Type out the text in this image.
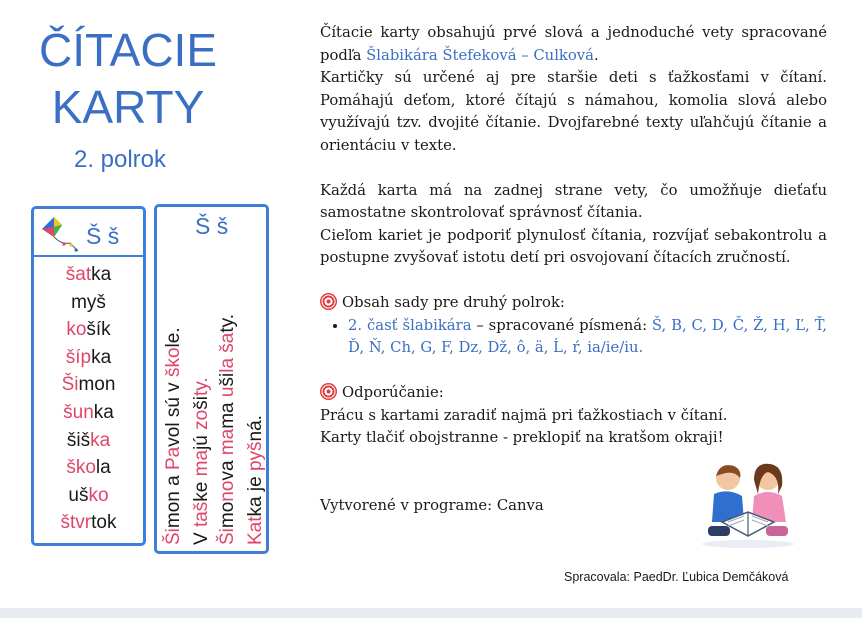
ČÍTACIE
KARTY
2. polrok
Š š
šatka
myš
košík
šípka
Šimon
šunka
šiška
škola
uško
štvrtok
Š š
Šimon a Pavol sú v škole.
V taške majú zošity.
Šimonova mama ušila šaty.
Katka je pyšná.

Čítacie karty obsahujú prvé slová a jednoduché vety spracované podľa Šlabikára Štefeková – Culková.

Kartičky sú určené aj pre staršie deti s ťažkosťami v čítaní. Pomáhajú deťom, ktoré čítajú s námahou, komolia slová alebo využívajú tzv. dvojité čítanie. Dvojfarebné texty uľahčujú čítanie a orientáciu v texte.

Každá karta má na zadnej strane vety, čo umožňuje dieťaťu samostatne skontrolovať správnosť čítania.

Cieľom kariet je podporiť plynulosť čítania, rozvíjať sebakontrolu a postupne zvyšovať istotu detí pri osvojovaní čítacích zručností.

Obsah sady pre druhý polrok:

• 2. časť šlabikára – spracované písmená: Š, B, C, D, Č, Ž, H, Ľ, Ť, Ď, Ň, Ch, G, F, Dz, Dž, ô, ä, Ĺ, ŕ, ia/ie/iu.

Odporúčanie:

Prácu s kartami zaradiť najmä pri ťažkostiach v čítaní.

Karty tlačiť obojstranne - preklopiť na kratšom okraji!

Vytvorené v programe: Canva

Spracovala: PaedDr. Ľubica Demčáková
